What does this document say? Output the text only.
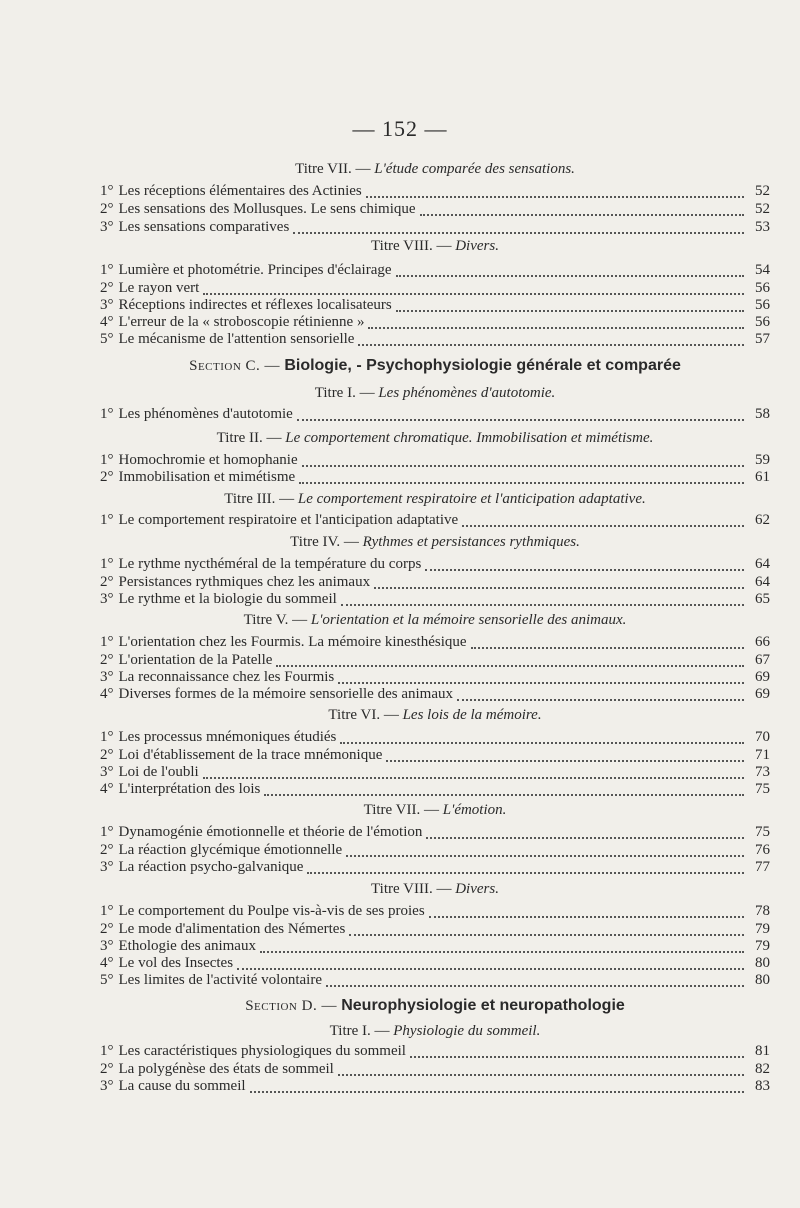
— 152 —
Titre VII. — L'étude comparée des sensations.
1° Les réceptions élémentaires des Actinies	52
2° Les sensations des Mollusques. Le sens chimique	52
3° Les sensations comparatives	53
Titre VIII. — Divers.
1° Lumière et photométrie. Principes d'éclairage	54
2° Le rayon vert	56
3° Réceptions indirectes et réflexes localisateurs	56
4° L'erreur de la « stroboscopie rétinienne »	56
5° Le mécanisme de l'attention sensorielle	57
Section C. — Biologie, - Psychophysiologie générale et comparée
Titre I. — Les phénomènes d'autotomie.
1° Les phénomènes d'autotomie	58
Titre II. — Le comportement chromatique. Immobilisation et mimétisme.
1° Homochromie et homophanie	59
2° Immobilisation et mimétisme	61
Titre III. — Le comportement respiratoire et l'anticipation adaptative.
1° Le comportement respiratoire et l'anticipation adaptative	62
Titre IV. — Rythmes et persistances rythmiques.
1° Le rythme nycthéméral de la température du corps	64
2° Persistances rythmiques chez les animaux	64
3° Le rythme et la biologie du sommeil	65
Titre V. — L'orientation et la mémoire sensorielle des animaux.
1° L'orientation chez les Fourmis. La mémoire kinesthésique	66
2° L'orientation de la Patelle	67
3° La reconnaissance chez les Fourmis	69
4° Diverses formes de la mémoire sensorielle des animaux	69
Titre VI. — Les lois de la mémoire.
1° Les processus mnémoniques étudiés	70
2° Loi d'établissement de la trace mnémonique	71
3° Loi de l'oubli	73
4° L'interprétation des lois	75
Titre VII. — L'émotion.
1° Dynamogénie émotionnelle et théorie de l'émotion	75
2° La réaction glycémique émotionnelle	76
3° La réaction psycho-galvanique	77
Titre VIII. — Divers.
1° Le comportement du Poulpe vis-à-vis de ses proies	78
2° Le mode d'alimentation des Némertes	79
3° Ethologie des animaux	79
4° Le vol des Insectes	80
5° Les limites de l'activité volontaire	80
Section D. — Neurophysiologie et neuropathologie
Titre I. — Physiologie du sommeil.
1° Les caractéristiques physiologiques du sommeil	81
2° La polygénèse des états de sommeil	82
3° La cause du sommeil	83
